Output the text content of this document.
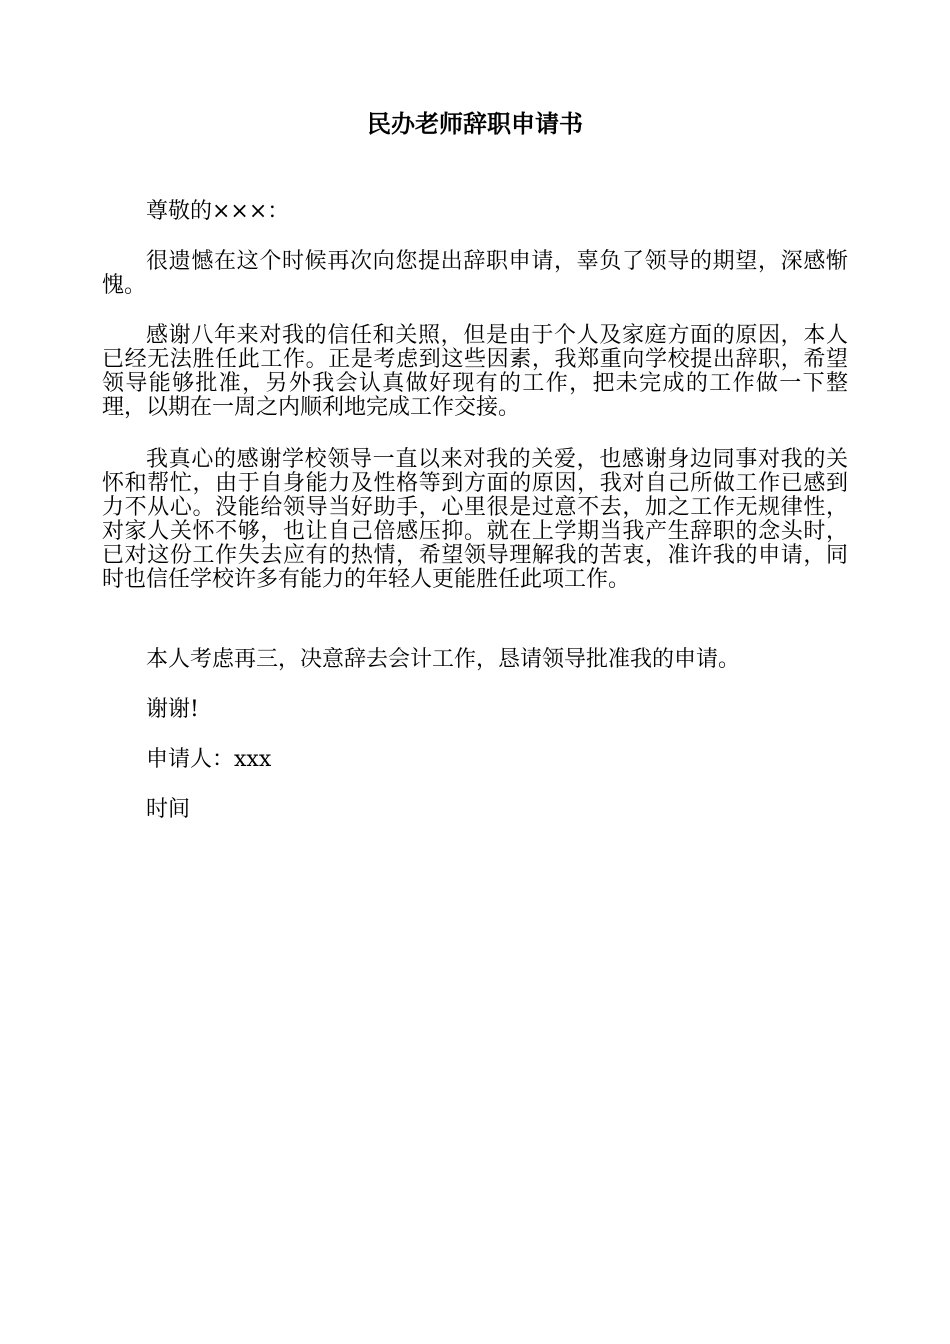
民办老师辞职申请书

尊敬的×××：

很遗憾在这个时候再次向您提出辞职申请，辜负了领导的期望，深感惭愧。

感谢八年来对我的信任和关照，但是由于个人及家庭方面的原因，本人已经无法胜任此工作。正是考虑到这些因素，我郑重向学校提出辞职，希望领导能够批准，另外我会认真做好现有的工作，把未完成的工作做一下整理，以期在一周之内顺利地完成工作交接。

我真心的感谢学校领导一直以来对我的关爱，也感谢身边同事对我的关怀和帮忙，由于自身能力及性格等到方面的原因，我对自己所做工作已感到力不从心。没能给领导当好助手，心里很是过意不去，加之工作无规律性，对家人关怀不够，也让自己倍感压抑。就在上学期当我产生辞职的念头时，已对这份工作失去应有的热情，希望领导理解我的苦衷，准许我的申请，同时也信任学校许多有能力的年轻人更能胜任此项工作。

本人考虑再三，决意辞去会计工作，恳请领导批准我的申请。

谢谢!

申请人：xxx

时间
